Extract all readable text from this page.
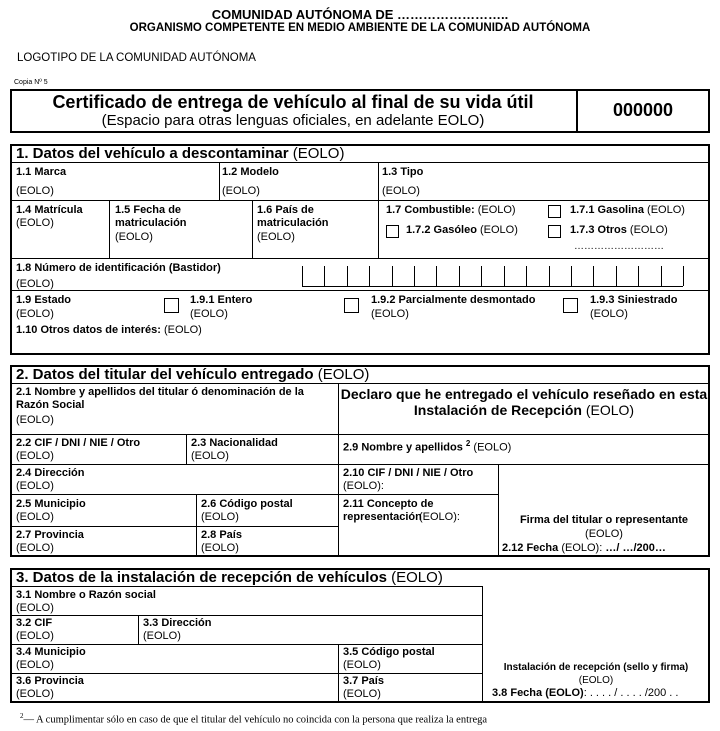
COMUNIDAD AUTÓNOMA DE ……………………..
ORGANISMO COMPETENTE EN MEDIO AMBIENTE DE LA COMUNIDAD AUTÓNOMA
LOGOTIPO DE LA COMUNIDAD AUTÓNOMA
Copia Nº 5
Certificado de entrega de vehículo al final de su vida útil
(Espacio para otras lenguas oficiales, en adelante EOLO)
000000
1. Datos del vehículo a descontaminar (EOLO)
1.1 Marca
(EOLO)
1.2 Modelo
(EOLO)
1.3 Tipo
(EOLO)
1.4 Matrícula
(EOLO)
1.5 Fecha de matriculación
(EOLO)
1.6 País de matriculación
(EOLO)
1.7 Combustible: (EOLO)	1.7.1 Gasolina (EOLO)
1.7.2 Gasóleo (EOLO)	1.7.3 Otros (EOLO)
………………………
1.8 Número de identificación (Bastidor)
(EOLO)
1.9 Estado
(EOLO)
1.9.1 Entero
(EOLO)
1.9.2 Parcialmente desmontado
(EOLO)
1.9.3 Siniestrado
(EOLO)
1.10 Otros datos de interés: (EOLO)
2. Datos del titular del vehículo entregado (EOLO)
2.1 Nombre y apellidos del titular ó denominación de la Razón Social
(EOLO)
Declaro que he entregado el vehículo reseñado en esta Instalación de Recepción (EOLO)
2.2 CIF / DNI / NIE / Otro
(EOLO)
2.3 Nacionalidad
(EOLO)
2.9 Nombre y apellidos $^2$ (EOLO)
2.4 Dirección
(EOLO)
2.10 CIF / DNI / NIE / Otro
(EOLO):
2.5 Municipio
(EOLO)
2.6 Código postal
(EOLO)
2.11 Concepto de representación
(EOLO):
2.7 Provincia
(EOLO)
2.8 País
(EOLO)
Firma del titular o representante
(EOLO)
2.12 Fecha (EOLO): …/ …/200…
3. Datos de la instalación de recepción de vehículos (EOLO)
3.1 Nombre o Razón social
(EOLO)
3.2 CIF
(EOLO)
3.3 Dirección
(EOLO)
3.4 Municipio
(EOLO)
3.5 Código postal
(EOLO)
3.6 Provincia
(EOLO)
3.7 País
(EOLO)
Instalación de recepción (sello y firma)
(EOLO)
3.8 Fecha (EOLO): . . . . / . . . . /200 . .
$^2$— A cumplimentar sólo en caso de que el titular del vehículo no coincida con la persona que realiza la entrega
